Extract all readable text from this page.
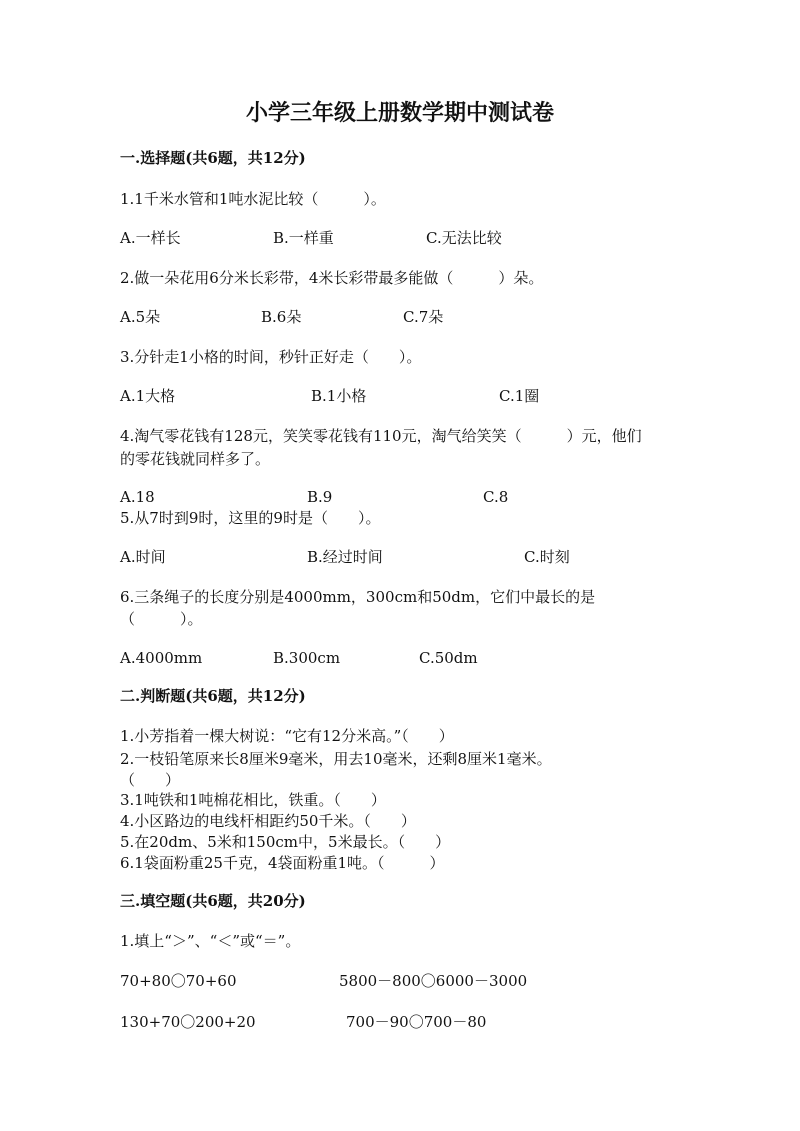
小学三年级上册数学期中测试卷
一.选择题(共6题，共12分)
1.1千米水管和1吨水泥比较（　　　）。
A.一样长	B.一样重	C.无法比较
2.做一朵花用6分米长彩带，4米长彩带最多能做（　　　）朵。
A.5朵	B.6朵	C.7朵
3.分针走1小格的时间，秒针正好走（　　）。
A.1大格	B.1小格	C.1圈
4.淘气零花钱有128元，笑笑零花钱有110元，淘气给笑笑（　　　）元，他们
的零花钱就同样多了。
A.18	B.9	C.8
5.从7时到9时，这里的9时是（　　）。
A.时间	B.经过时间	C.时刻
6.三条绳子的长度分别是4000mm，300cm和50dm，它们中最长的是
（　　　）。
A.4000mm	B.300cm	C.50dm
二.判断题(共6题，共12分)
1.小芳指着一棵大树说：“它有12分米高。”（　　）
2.一枝铅笔原来长8厘米9毫米，用去10毫米，还剩8厘米1毫米。
（　　）
3.1吨铁和1吨棉花相比，铁重。（　　）
4.小区路边的电线杆相距约50千米。（　　）
5.在20dm、5米和150cm中，5米最长。（　　）
6.1袋面粉重25千克，4袋面粉重1吨。（　　　）
三.填空题(共6题，共20分)
1.填上“＞”、“＜”或“＝”。
70+80〇70+60	5800－800〇6000－3000
130+70〇200+20	700－90〇700－80
